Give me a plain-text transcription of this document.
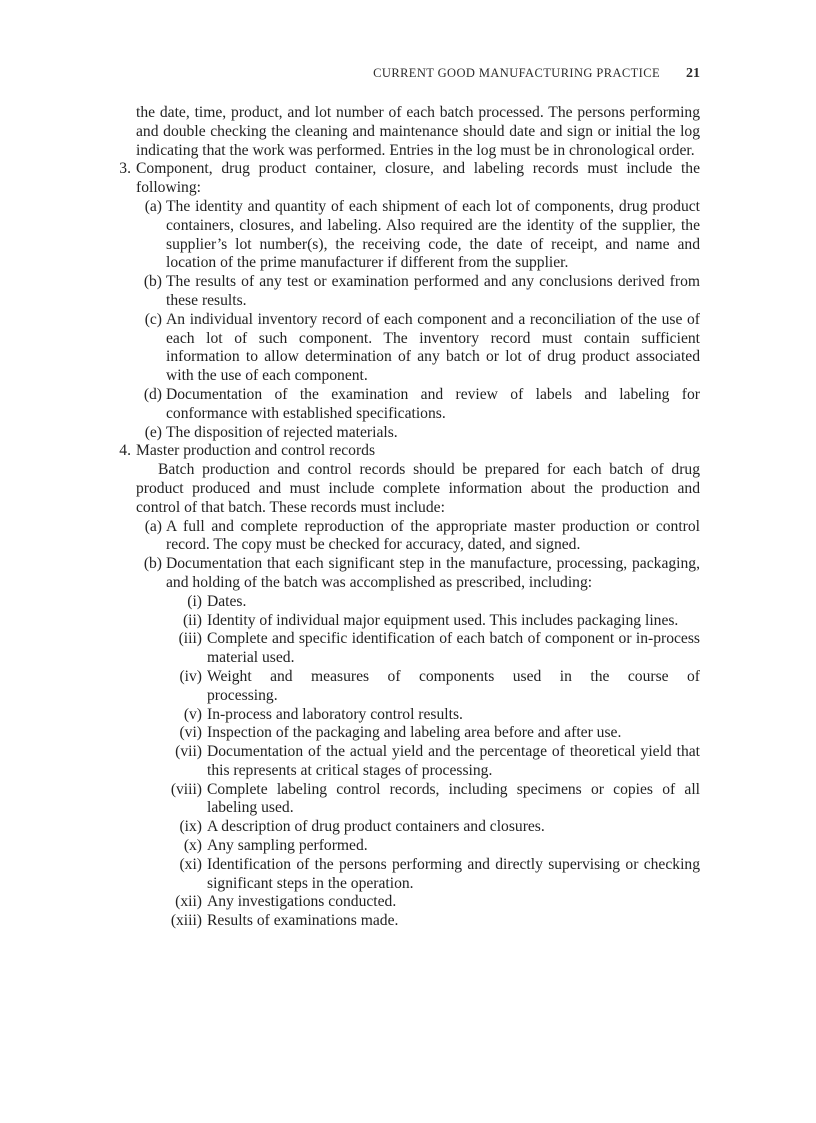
CURRENT GOOD MANUFACTURING PRACTICE 21

the date, time, product, and lot number of each batch processed. The persons performing and double checking the cleaning and maintenance should date and sign or initial the log indicating that the work was performed. Entries in the log must be in chronological order.

3. Component, drug product container, closure, and labeling records must include the following:
(a) The identity and quantity of each shipment of each lot of components, drug product containers, closures, and labeling. Also required are the identity of the supplier, the supplier’s lot number(s), the receiving code, the date of receipt, and name and location of the prime manufacturer if different from the supplier.
(b) The results of any test or examination performed and any conclusions derived from these results.
(c) An individual inventory record of each component and a reconciliation of the use of each lot of such component. The inventory record must contain sufficient information to allow determination of any batch or lot of drug product associated with the use of each component.
(d) Documentation of the examination and review of labels and labeling for conformance with established specifications.
(e) The disposition of rejected materials.
4. Master production and control records

Batch production and control records should be prepared for each batch of drug product produced and must include complete information about the production and control of that batch. These records must include:

(a) A full and complete reproduction of the appropriate master production or control record. The copy must be checked for accuracy, dated, and signed.
(b) Documentation that each significant step in the manufacture, processing, packaging, and holding of the batch was accomplished as prescribed, including:
(i) Dates.
(ii) Identity of individual major equipment used. This includes packaging lines.
(iii) Complete and specific identification of each batch of component or in-process material used.
(iv) Weight and measures of components used in the course of processing.
(v) In-process and laboratory control results.
(vi) Inspection of the packaging and labeling area before and after use.
(vii) Documentation of the actual yield and the percentage of theoretical yield that this represents at critical stages of processing.
(viii) Complete labeling control records, including specimens or copies of all labeling used.
(ix) A description of drug product containers and closures.
(x) Any sampling performed.
(xi) Identification of the persons performing and directly supervising or checking significant steps in the operation.
(xii) Any investigations conducted.
(xiii) Results of examinations made.
